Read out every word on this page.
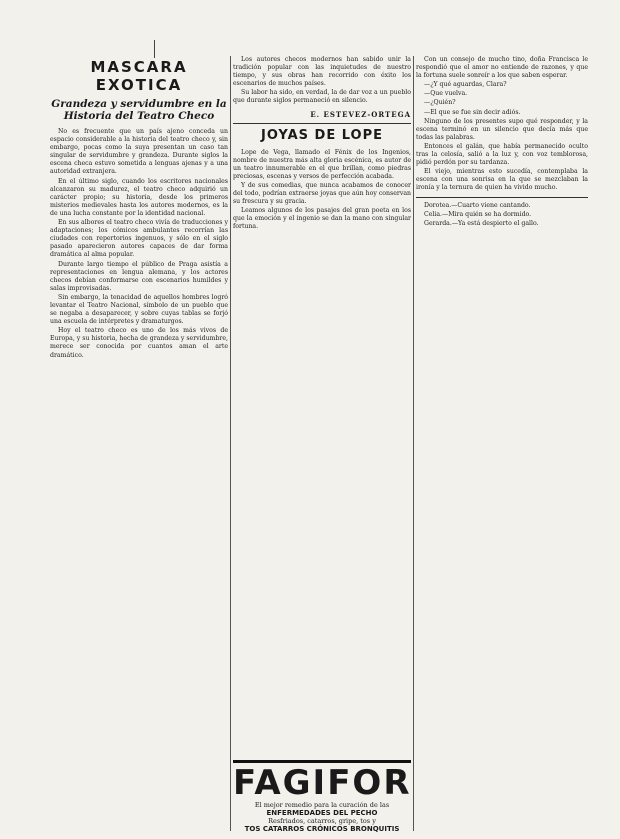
MASCARA EXOTICA
Grandeza y servidumbre en la Historia del Teatro Checo

No es frecuente que un país ajeno conceda un espacio considerable a la historia del teatro checo y, sin embargo, pocas como la suya presentan un caso tan singular de servidumbre y grandeza. Durante siglos la escena checa estuvo sometida a lenguas ajenas y a una autoridad extranjera.

En el último siglo, cuando los escritores nacionales alcanzaron su madurez, el teatro checo adquirió un carácter propio; su historia, desde los primeros misterios medievales hasta los autores modernos, es la de una lucha constante por la identidad nacional.

En sus albores el teatro checo vivía de traducciones y adaptaciones; los cómicos ambulantes recorrían las ciudades con repertorios ingenuos, y sólo en el siglo pasado aparecieron autores capaces de dar forma dramática al alma popular.

Durante largo tiempo el público de Praga asistía a representaciones en lengua alemana, y los actores checos debían conformarse con escenarios humildes y salas improvisadas.

Sin embargo, la tenacidad de aquellos hombres logró levantar el Teatro Nacional, símbolo de un pueblo que se negaba a desaparecer, y sobre cuyas tablas se forjó una escuela de intérpretes y dramaturgos.

Hoy el teatro checo es uno de los más vivos de Europa, y su historia, hecha de grandeza y servidumbre, merece ser conocida por cuantos aman el arte dramático.

Los autores checos modernos han sabido unir la tradición popular con las inquietudes de nuestro tiempo, y sus obras han recorrido con éxito los escenarios de muchos países.

Su labor ha sido, en verdad, la de dar voz a un pueblo que durante siglos permaneció en silencio.

E. ESTEVEZ-ORTEGA
JOYAS DE LOPE

Lope de Vega, llamado el Fénix de los Ingenios, nombre de nuestra más alta gloria escénica, es autor de un teatro innumerable en el que brillan, como piedras preciosas, escenas y versos de perfección acabada.

Y de sus comedias, que nunca acabamos de conocer del todo, podrían extraerse joyas que aún hoy conservan su frescura y su gracia.

Leamos algunos de los pasajes del gran poeta en los que la emoción y el ingenio se dan la mano con singular fortuna.

FAGIFOR
El mejor remedio para la curación de las
ENFERMEDADES DEL PECHO
Resfriados, catarros, gripe, tos y
TOS CATARROS CRÓNICOS BRONQUITIS

Con un consejo de mucho tino, doña Francisca le respondió que el amor no entiende de razones, y que la fortuna suele sonreír a los que saben esperar.

—¿Y qué aguardas, Clara?

—Que vuelva.

—¿Quién?

—El que se fue sin decir adiós.

Ninguno de los presentes supo qué responder, y la escena terminó en un silencio que decía más que todas las palabras.

Entonces el galán, que había permanecido oculto tras la celosía, salió a la luz y, con voz temblorosa, pidió perdón por su tardanza.

El viejo, mientras esto sucedía, contemplaba la escena con una sonrisa en la que se mezclaban la ironía y la ternura de quien ha vivido mucho.

Dorotea.—Cuarto viene cantando.

Celia.—Mira quién se ha dormido.

Gerarda.—Ya está despierto el gallo.
